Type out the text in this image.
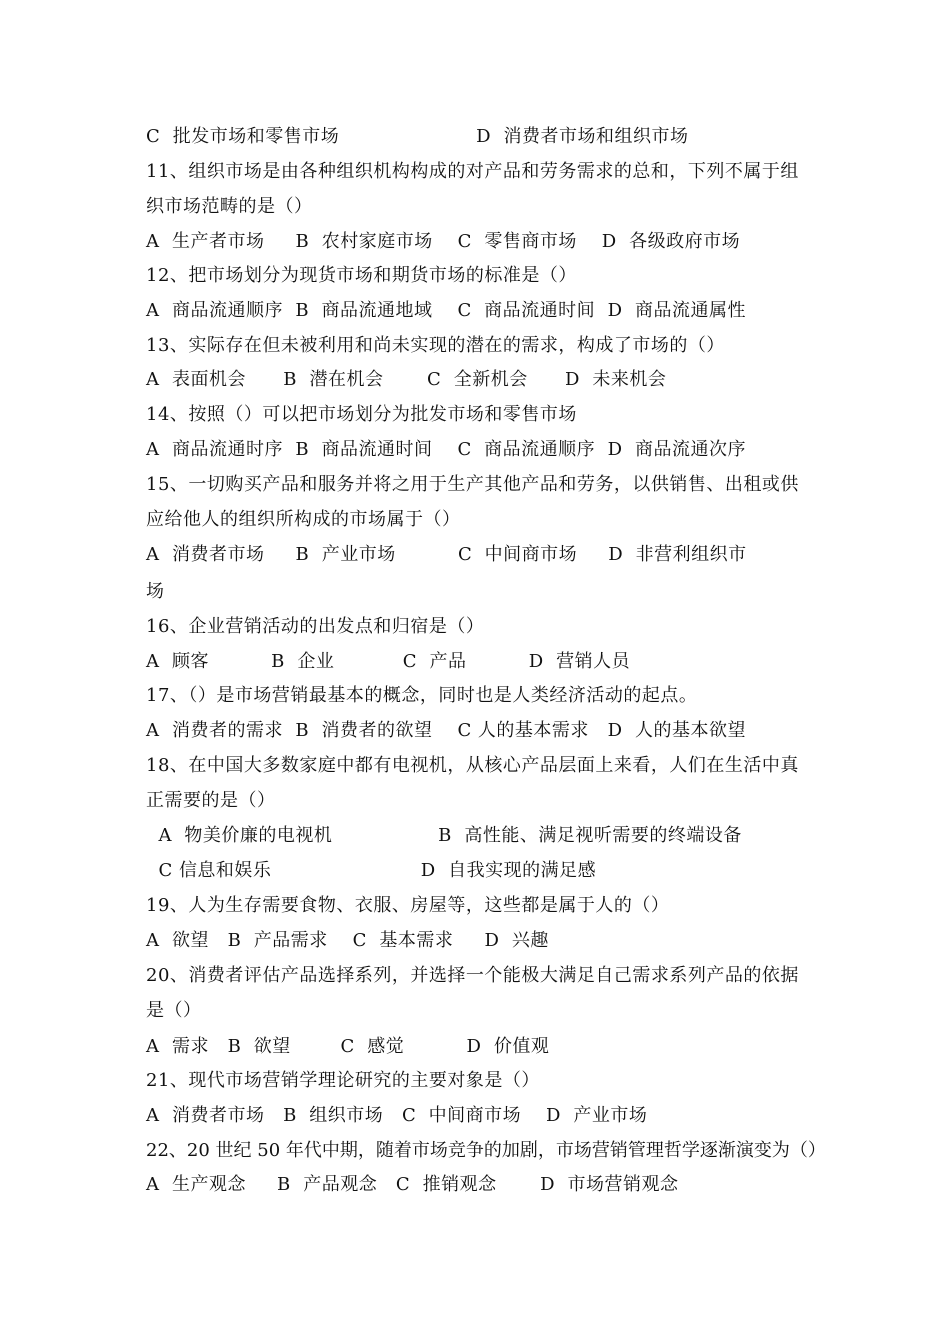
C  批发市场和零售市场                      D  消费者市场和组织市场
11、组织市场是由各种组织机构构成的对产品和劳务需求的总和，下列不属于组
织市场范畴的是（）
A  生产者市场     B  农村家庭市场    C  零售商市场    D  各级政府市场
12、把市场划分为现货市场和期货市场的标准是（）
A  商品流通顺序  B  商品流通地域    C  商品流通时间  D  商品流通属性
13、实际存在但未被利用和尚未实现的潜在的需求，构成了市场的（）
A  表面机会      B  潜在机会       C  全新机会      D  未来机会
14、按照（）可以把市场划分为批发市场和零售市场
A  商品流通时序  B  商品流通时间    C  商品流通顺序  D  商品流通次序
15、一切购买产品和服务并将之用于生产其他产品和劳务，以供销售、出租或供
应给他人的组织所构成的市场属于（）
A  消费者市场     B  产业市场          C  中间商市场     D  非营利组织市
场
16、企业营销活动的出发点和归宿是（）
A  顾客          B  企业           C  产品          D  营销人员
17、（）是市场营销最基本的概念，同时也是人类经济活动的起点。
A  消费者的需求  B  消费者的欲望    C 人的基本需求   D  人的基本欲望
18、在中国大多数家庭中都有电视机，从核心产品层面上来看，人们在生活中真
正需要的是（）
A  物美价廉的电视机                 B  高性能、满足视听需要的终端设备
C 信息和娱乐                        D  自我实现的满足感
19、人为生存需要食物、衣服、房屋等，这些都是属于人的（）
A  欲望   B  产品需求    C  基本需求     D  兴趣
20、消费者评估产品选择系列，并选择一个能极大满足自己需求系列产品的依据
是（）
A  需求   B  欲望        C  感觉          D  价值观
21、现代市场营销学理论研究的主要对象是（）
A  消费者市场   B  组织市场   C  中间商市场    D  产业市场
22、20 世纪 50 年代中期，随着市场竞争的加剧，市场营销管理哲学逐渐演变为（）
A  生产观念     B  产品观念   C  推销观念       D  市场营销观念
